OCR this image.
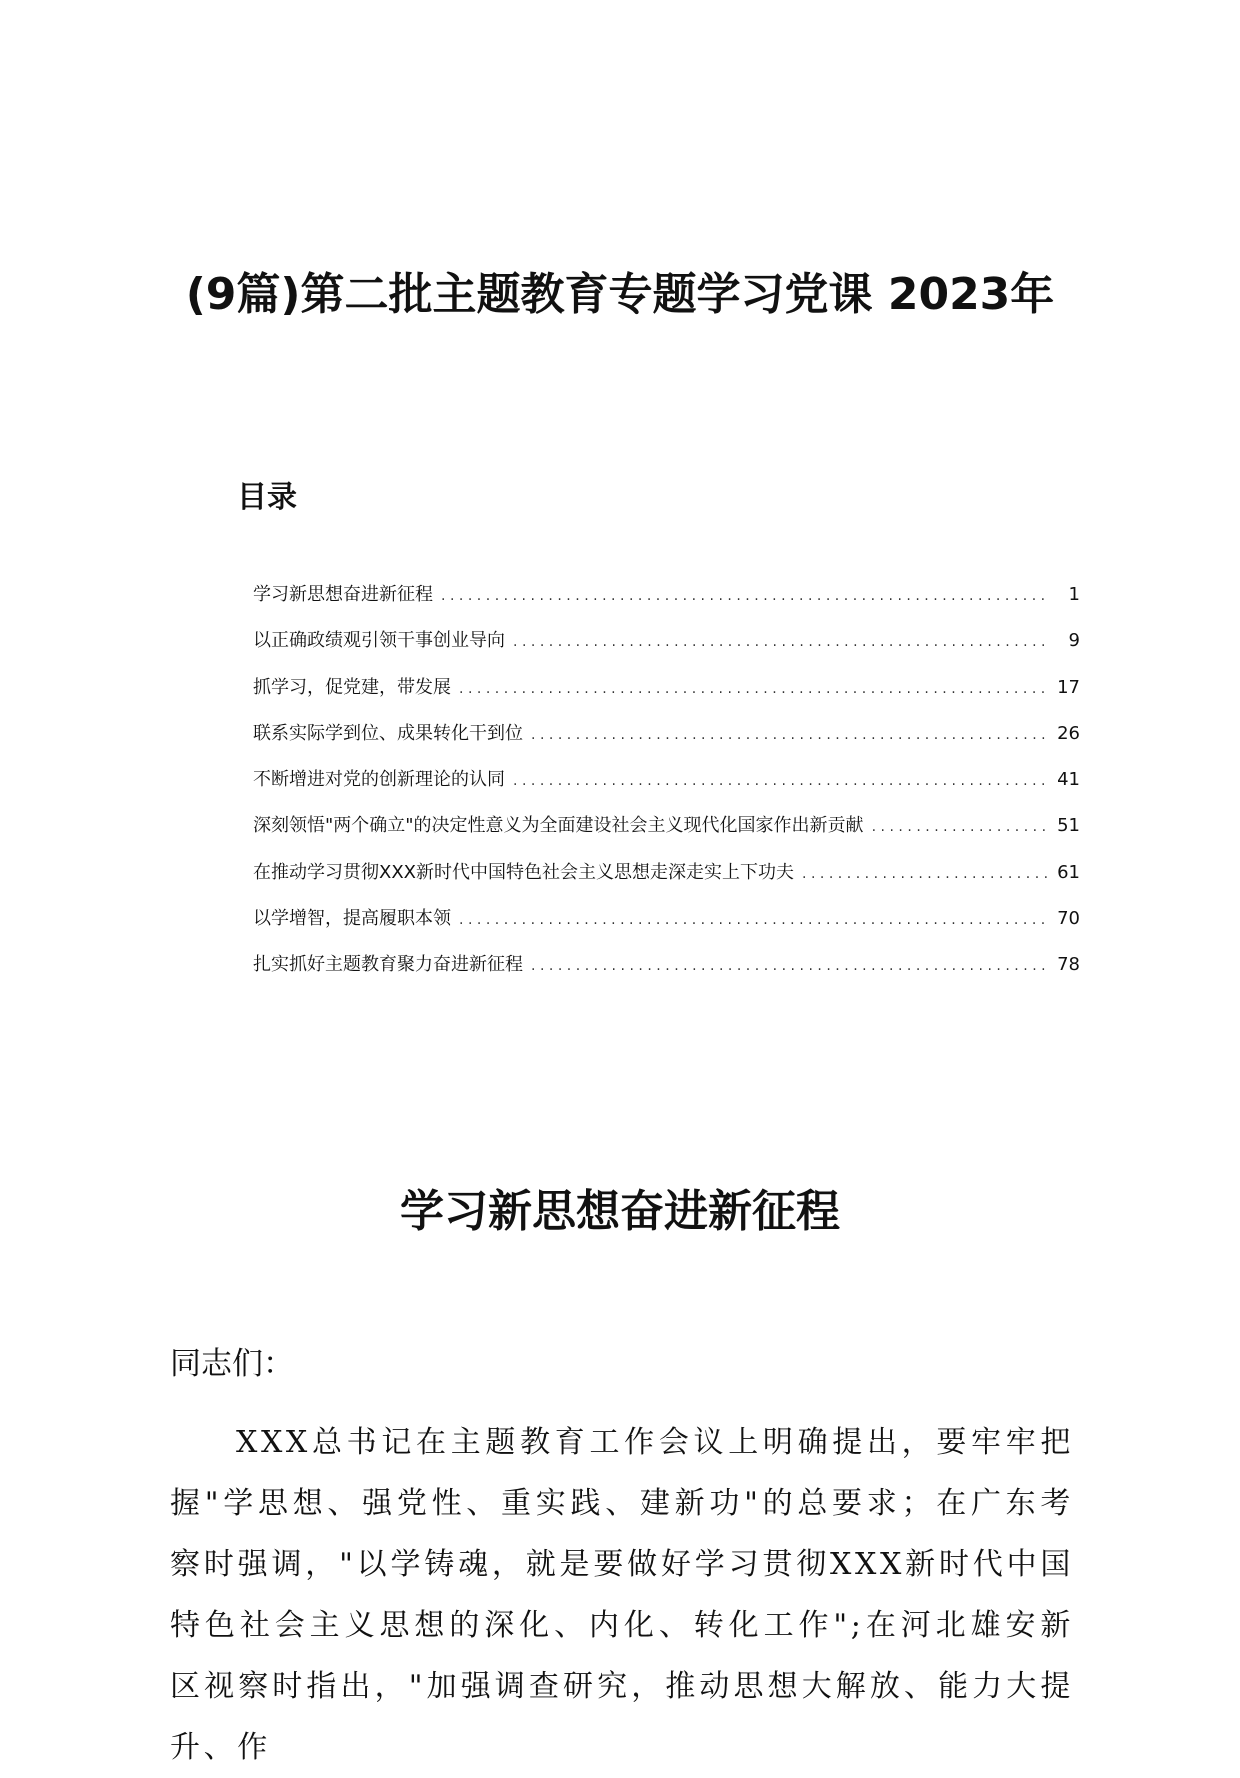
(9篇)第二批主题教育专题学习党课 2023年
目录
学习新思想奋进新征程 .....	1
以正确政绩观引领干事创业导向 .....	9
抓学习，促党建，带发展 .....	17
联系实际学到位、成果转化干到位 .....	26
不断增进对党的创新理论的认同 .....	41
深刻领悟"两个确立"的决定性意义为全面建设社会主义现代化国家作出新贡献 .....	51
在推动学习贯彻XXX新时代中国特色社会主义思想走深走实上下功夫 .....	61
以学增智，提高履职本领 .....	70
扎实抓好主题教育聚力奋进新征程 .....	78
学习新思想奋进新征程

同志们：

XXX总书记在主题教育工作会议上明确提出，要牢牢把握"学思想、强党性、重实践、建新功"的总要求；在广东考察时强调，"以学铸魂，就是要做好学习贯彻XXX新时代中国特色社会主义思想的深化、内化、转化工作";在河北雄安新区视察时指出，"加强调查研究，推动思想大解放、能力大提升、作
